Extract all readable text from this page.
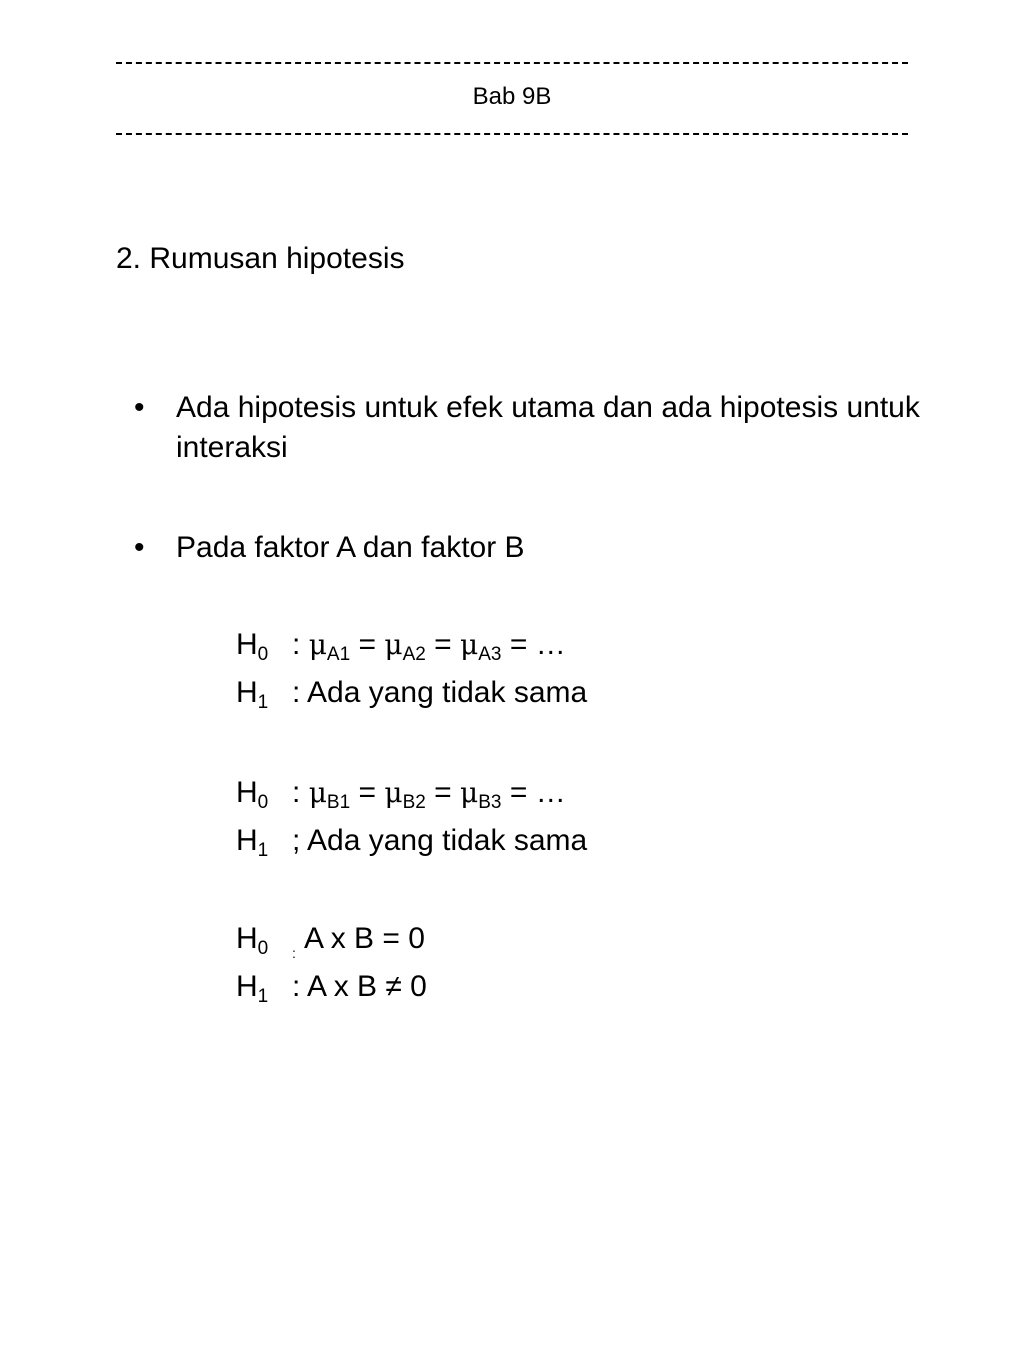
Bab 9B
2. Rumusan hipotesis
•	Ada hipotesis untuk efek utama dan ada hipotesis untuk interaksi
•	Pada faktor A dan faktor B
$H_0$ : $\mu_{A1} = \mu_{A2} = \mu_{A3}$ = …
$H_1$ : Ada yang tidak sama
$H_0$ : $\mu_{B1} = \mu_{B2} = \mu_{B3}$ = …
$H_1$ ; Ada yang tidak sama
$H_0$ : A x B = 0
$H_1$ : A x B ≠ 0
